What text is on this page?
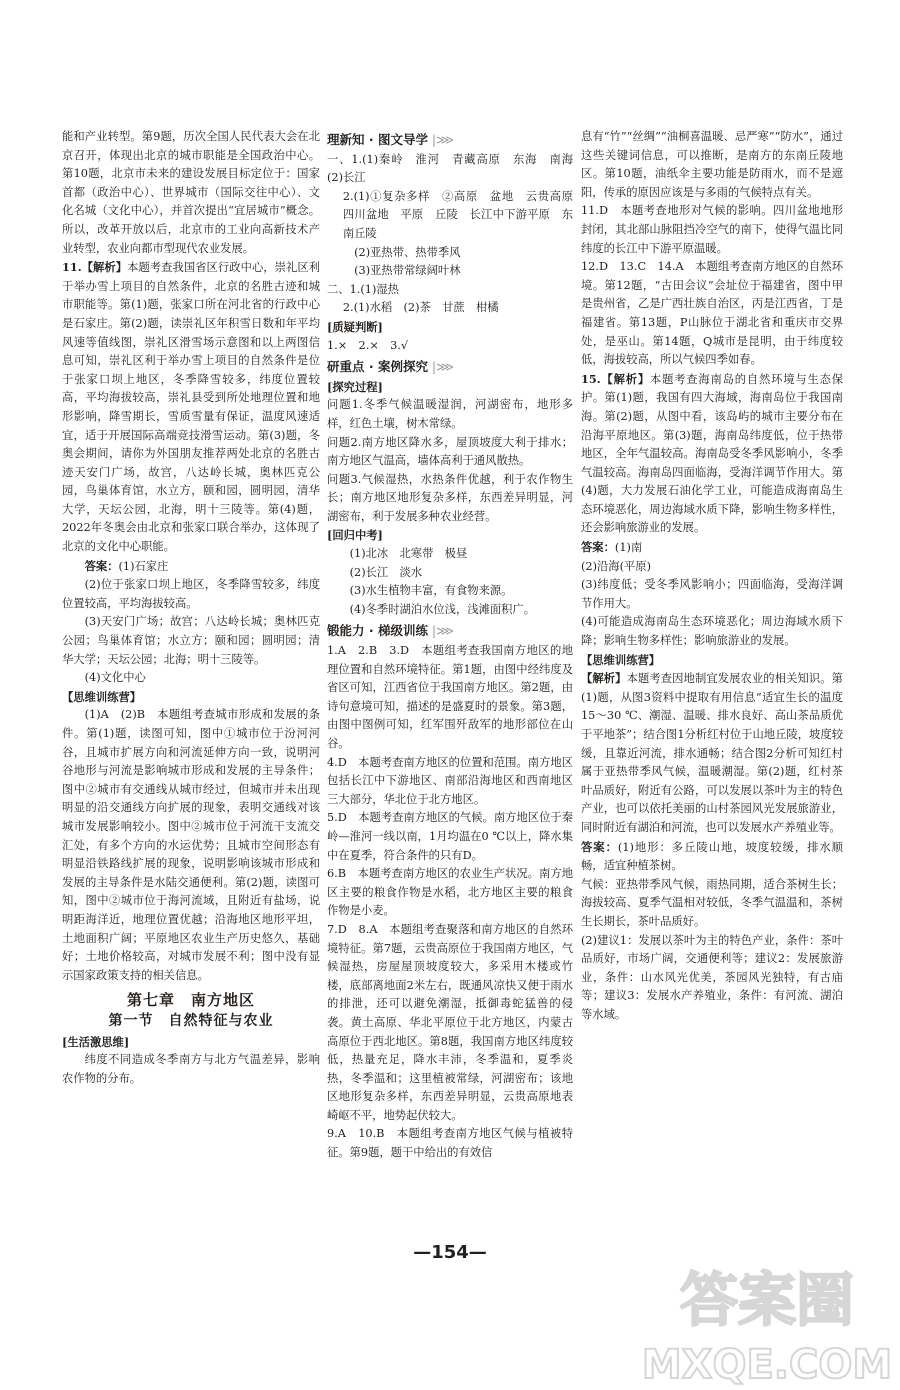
能和产业转型。第9题，历次全国人民代表大会在北京召开，体现出北京的城市职能是全国政治中心。第10题，北京市未来的建设发展目标定位于：国家首都（政治中心）、世界城市（国际交往中心）、文化名城（文化中心），并首次提出“宜居城市”概念。所以，改革开放以后，北京市的工业向高新技术产业转型，农业向都市型现代农业发展。

11.【解析】本题考查我国省区行政中心，崇礼区利于举办雪上项目的自然条件，北京的名胜古迹和城市职能等。第(1)题，张家口所在河北省的行政中心是石家庄。第(2)题，读崇礼区年积雪日数和年平均风速等值线图，崇礼区滑雪场示意图和以上两图信息可知，崇礼区利于举办雪上项目的自然条件是位于张家口坝上地区，冬季降雪较多，纬度位置较高，平均海拔较高，崇礼县受到所处地理位置和地形影响，降雪期长，雪质雪量有保证，温度风速适宜，适于开展国际高端竞技滑雪运动。第(3)题，冬奥会期间，请你为外国朋友推荐两处北京的名胜古迹天安门广场，故宫，八达岭长城，奥林匹克公园，鸟巢体育馆，水立方，颐和园，圆明园，清华大学，天坛公园，北海，明十三陵等。第(4)题，2022年冬奥会由北京和张家口联合举办，这体现了北京的文化中心职能。

答案：(1)石家庄

(2)位于张家口坝上地区，冬季降雪较多，纬度位置较高，平均海拔较高。

(3)天安门广场；故宫；八达岭长城；奥林匹克公园；鸟巢体育馆；水立方；颐和园；圆明园；清华大学；天坛公园；北海；明十三陵等。

(4)文化中心

【思维训练营】

(1)A　(2)B　本题组考查城市形成和发展的条件。第(1)题，读图可知，图中①城市位于汾河河谷，且城市扩展方向和河流延伸方向一致，说明河谷地形与河流是影响城市形成和发展的主导条件；图中②城市有交通线从城市经过，但城市并未出现明显的沿交通线方向扩展的现象，表明交通线对该城市发展影响较小。图中②城市位于河流干支流交汇处，有多个方向的水运优势；且城市空间形态有明显沿铁路线扩展的现象，说明影响该城市形成和发展的主导条件是水陆交通便利。第(2)题，读图可知，图中②城市位于海河流域，且附近有盐场，说明距海洋近，地理位置优越；沿海地区地形平坦，土地面积广阔；平原地区农业生产历史悠久，基础好；土地价格较高，对城市发展不利；图中没有显示国家政策支持的相关信息。

第七章　南方地区
第一节　自然特征与农业

[生活激思维]

纬度不同造成冬季南方与北方气温差异，影响农作物的分布。

理新知 · 图文导学 |⋙

一、1.(1)秦岭　淮河　青藏高原　东海　南海　(2)长江

2.(1)①复杂多样　②高原　盆地　云贵高原　四川盆地　平原　丘陵　长江中下游平原　东南丘陵

(2)亚热带、热带季风

(3)亚热带常绿阔叶林

二、1.(1)湿热

2.(1)水稻　(2)茶　甘蔗　柑橘

[质疑判断]

1.×　2.×　3.√

研重点 · 案例探究 |⋙

[探究过程]

问题1.冬季气候温暖湿润，河湖密布，地形多样，红色土壤，树木常绿。

问题2.南方地区降水多，屋顶坡度大利于排水；南方地区气温高，墙体高利于通风散热。

问题3.气候湿热，水热条件优越，利于农作物生长；南方地区地形复杂多样，东西差异明显，河湖密布，利于发展多种农业经营。

[回归中考]

(1)北冰　北寒带　极昼

(2)长江　淡水

(3)水生植物丰富，有食物来源。

(4)冬季时湖泊水位浅，浅滩面积广。

锻能力 · 梯级训练 |⋙

1.A　2.B　3.D　本题组考查我国南方地区的地理位置和自然环境特征。第1题，由图中经纬度及省区可知，江西省位于我国南方地区。第2题，由诗句意境可知，描述的是盛夏时的景象。第3题，由图中图例可知，红军围歼敌军的地形部位在山谷。

4.D　本题考查南方地区的位置和范围。南方地区包括长江中下游地区、南部沿海地区和西南地区三大部分，华北位于北方地区。

5.D　本题考查南方地区的气候。南方地区位于秦岭—淮河一线以南，1月均温在0 ℃以上，降水集中在夏季，符合条件的只有D。

6.B　本题考查南方地区的农业生产状况。南方地区主要的粮食作物是水稻，北方地区主要的粮食作物是小麦。

7.D　8.A　本题组考查聚落和南方地区的自然环境特征。第7题，云贵高原位于我国南方地区，气候湿热，房屋屋顶坡度较大，多采用木楼或竹楼，底部离地面2米左右，既通风凉快又便于雨水的排泄，还可以避免潮湿，抵御毒蛇猛兽的侵袭。黄土高原、华北平原位于北方地区，内蒙古高原位于西北地区。第8题，我国南方地区纬度较低，热量充足，降水丰沛，冬季温和，夏季炎热，冬季温和；这里植被常绿，河湖密布；该地区地形复杂多样，东西差异明显，云贵高原地表崎岖不平，地势起伏较大。

9.A　10.B　本题组考查南方地区气候与植被特征。第9题，题干中给出的有效信

息有“竹”“丝绸”“油桐喜温暖、忌严寒”“防水”，通过这些关键词信息，可以推断，是南方的东南丘陵地区。第10题，油纸伞主要功能是防雨水，而不是遮阳，传承的原因应该是与多雨的气候特点有关。

11.D　本题考查地形对气候的影响。四川盆地地形封闭，其北部山脉阻挡冷空气的南下，使得气温比同纬度的长江中下游平原温暖。

12.D　13.C　14.A　本题组考查南方地区的自然环境。第12题，“古田会议”会址位于福建省，图中甲是贵州省，乙是广西壮族自治区，丙是江西省，丁是福建省。第13题，P山脉位于湖北省和重庆市交界处，是巫山。第14题，Q城市是昆明，由于纬度较低，海拔较高，所以气候四季如春。

15.【解析】本题考查海南岛的自然环境与生态保护。第(1)题，我国有四大海域，海南岛位于我国南海。第(2)题，从图中看，该岛屿的城市主要分布在沿海平原地区。第(3)题，海南岛纬度低，位于热带地区，全年气温较高。海南岛受冬季风影响小，冬季气温较高。海南岛四面临海，受海洋调节作用大。第(4)题，大力发展石油化学工业，可能造成海南岛生态环境恶化，周边海域水质下降，影响生物多样性，还会影响旅游业的发展。

答案：(1)南

(2)沿海(平原)

(3)纬度低；受冬季风影响小；四面临海，受海洋调节作用大。

(4)可能造成海南岛生态环境恶化；周边海域水质下降；影响生物多样性；影响旅游业的发展。

【思维训练营】

【解析】本题考查因地制宜发展农业的相关知识。第(1)题，从图3资料中提取有用信息“适宜生长的温度15～30 ℃、潮湿、温暖、排水良好、高山茶品质优于平地茶”；结合图1分析红村位于山地丘陵，坡度较缓，且靠近河流，排水通畅；结合图2分析可知红村属于亚热带季风气候，温暖潮湿。第(2)题，红村茶叶品质好，附近有公路，可以发展以茶叶为主的特色产业，也可以依托美丽的山村茶园风光发展旅游业，同时附近有湖泊和河流，也可以发展水产养殖业等。

答案：(1)地形：多丘陵山地，坡度较缓，排水顺畅，适宜种植茶树。

气候：亚热带季风气候，雨热同期，适合茶树生长；海拔较高、夏季气温相对较低，冬季气温温和，茶树生长期长，茶叶品质好。

(2)建议1：发展以茶叶为主的特色产业，条件：茶叶品质好，市场广阔，交通便利等；建议2：发展旅游业，条件：山水风光优美，茶园风光独特，有古庙等；建议3：发展水产养殖业，条件：有河流、湖泊等水域。

—154—
答案圈
MXQE.COM
